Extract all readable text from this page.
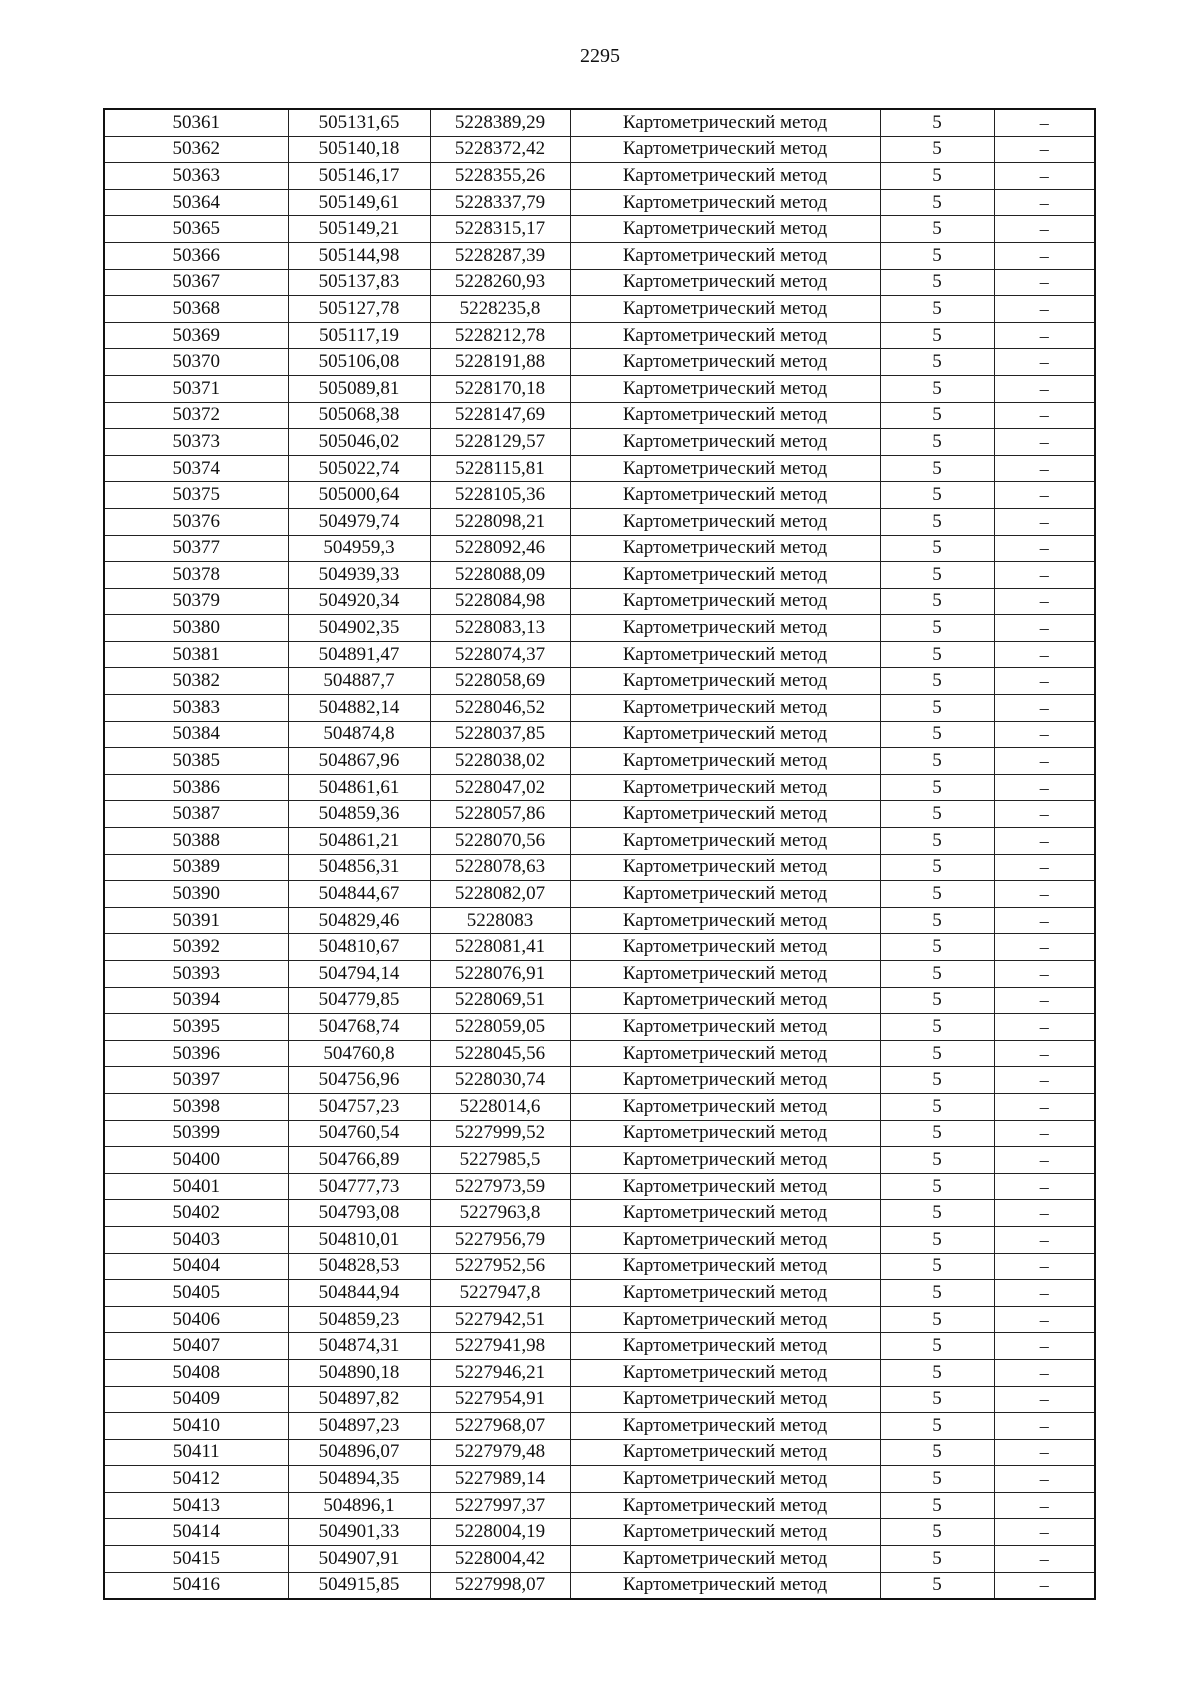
2295
50361	505131,65	5228389,29	Картометрический метод	5	–
50362	505140,18	5228372,42	Картометрический метод	5	–
50363	505146,17	5228355,26	Картометрический метод	5	–
50364	505149,61	5228337,79	Картометрический метод	5	–
50365	505149,21	5228315,17	Картометрический метод	5	–
50366	505144,98	5228287,39	Картометрический метод	5	–
50367	505137,83	5228260,93	Картометрический метод	5	–
50368	505127,78	5228235,8	Картометрический метод	5	–
50369	505117,19	5228212,78	Картометрический метод	5	–
50370	505106,08	5228191,88	Картометрический метод	5	–
50371	505089,81	5228170,18	Картометрический метод	5	–
50372	505068,38	5228147,69	Картометрический метод	5	–
50373	505046,02	5228129,57	Картометрический метод	5	–
50374	505022,74	5228115,81	Картометрический метод	5	–
50375	505000,64	5228105,36	Картометрический метод	5	–
50376	504979,74	5228098,21	Картометрический метод	5	–
50377	504959,3	5228092,46	Картометрический метод	5	–
50378	504939,33	5228088,09	Картометрический метод	5	–
50379	504920,34	5228084,98	Картометрический метод	5	–
50380	504902,35	5228083,13	Картометрический метод	5	–
50381	504891,47	5228074,37	Картометрический метод	5	–
50382	504887,7	5228058,69	Картометрический метод	5	–
50383	504882,14	5228046,52	Картометрический метод	5	–
50384	504874,8	5228037,85	Картометрический метод	5	–
50385	504867,96	5228038,02	Картометрический метод	5	–
50386	504861,61	5228047,02	Картометрический метод	5	–
50387	504859,36	5228057,86	Картометрический метод	5	–
50388	504861,21	5228070,56	Картометрический метод	5	–
50389	504856,31	5228078,63	Картометрический метод	5	–
50390	504844,67	5228082,07	Картометрический метод	5	–
50391	504829,46	5228083	Картометрический метод	5	–
50392	504810,67	5228081,41	Картометрический метод	5	–
50393	504794,14	5228076,91	Картометрический метод	5	–
50394	504779,85	5228069,51	Картометрический метод	5	–
50395	504768,74	5228059,05	Картометрический метод	5	–
50396	504760,8	5228045,56	Картометрический метод	5	–
50397	504756,96	5228030,74	Картометрический метод	5	–
50398	504757,23	5228014,6	Картометрический метод	5	–
50399	504760,54	5227999,52	Картометрический метод	5	–
50400	504766,89	5227985,5	Картометрический метод	5	–
50401	504777,73	5227973,59	Картометрический метод	5	–
50402	504793,08	5227963,8	Картометрический метод	5	–
50403	504810,01	5227956,79	Картометрический метод	5	–
50404	504828,53	5227952,56	Картометрический метод	5	–
50405	504844,94	5227947,8	Картометрический метод	5	–
50406	504859,23	5227942,51	Картометрический метод	5	–
50407	504874,31	5227941,98	Картометрический метод	5	–
50408	504890,18	5227946,21	Картометрический метод	5	–
50409	504897,82	5227954,91	Картометрический метод	5	–
50410	504897,23	5227968,07	Картометрический метод	5	–
50411	504896,07	5227979,48	Картометрический метод	5	–
50412	504894,35	5227989,14	Картометрический метод	5	–
50413	504896,1	5227997,37	Картометрический метод	5	–
50414	504901,33	5228004,19	Картометрический метод	5	–
50415	504907,91	5228004,42	Картометрический метод	5	–
50416	504915,85	5227998,07	Картометрический метод	5	–
